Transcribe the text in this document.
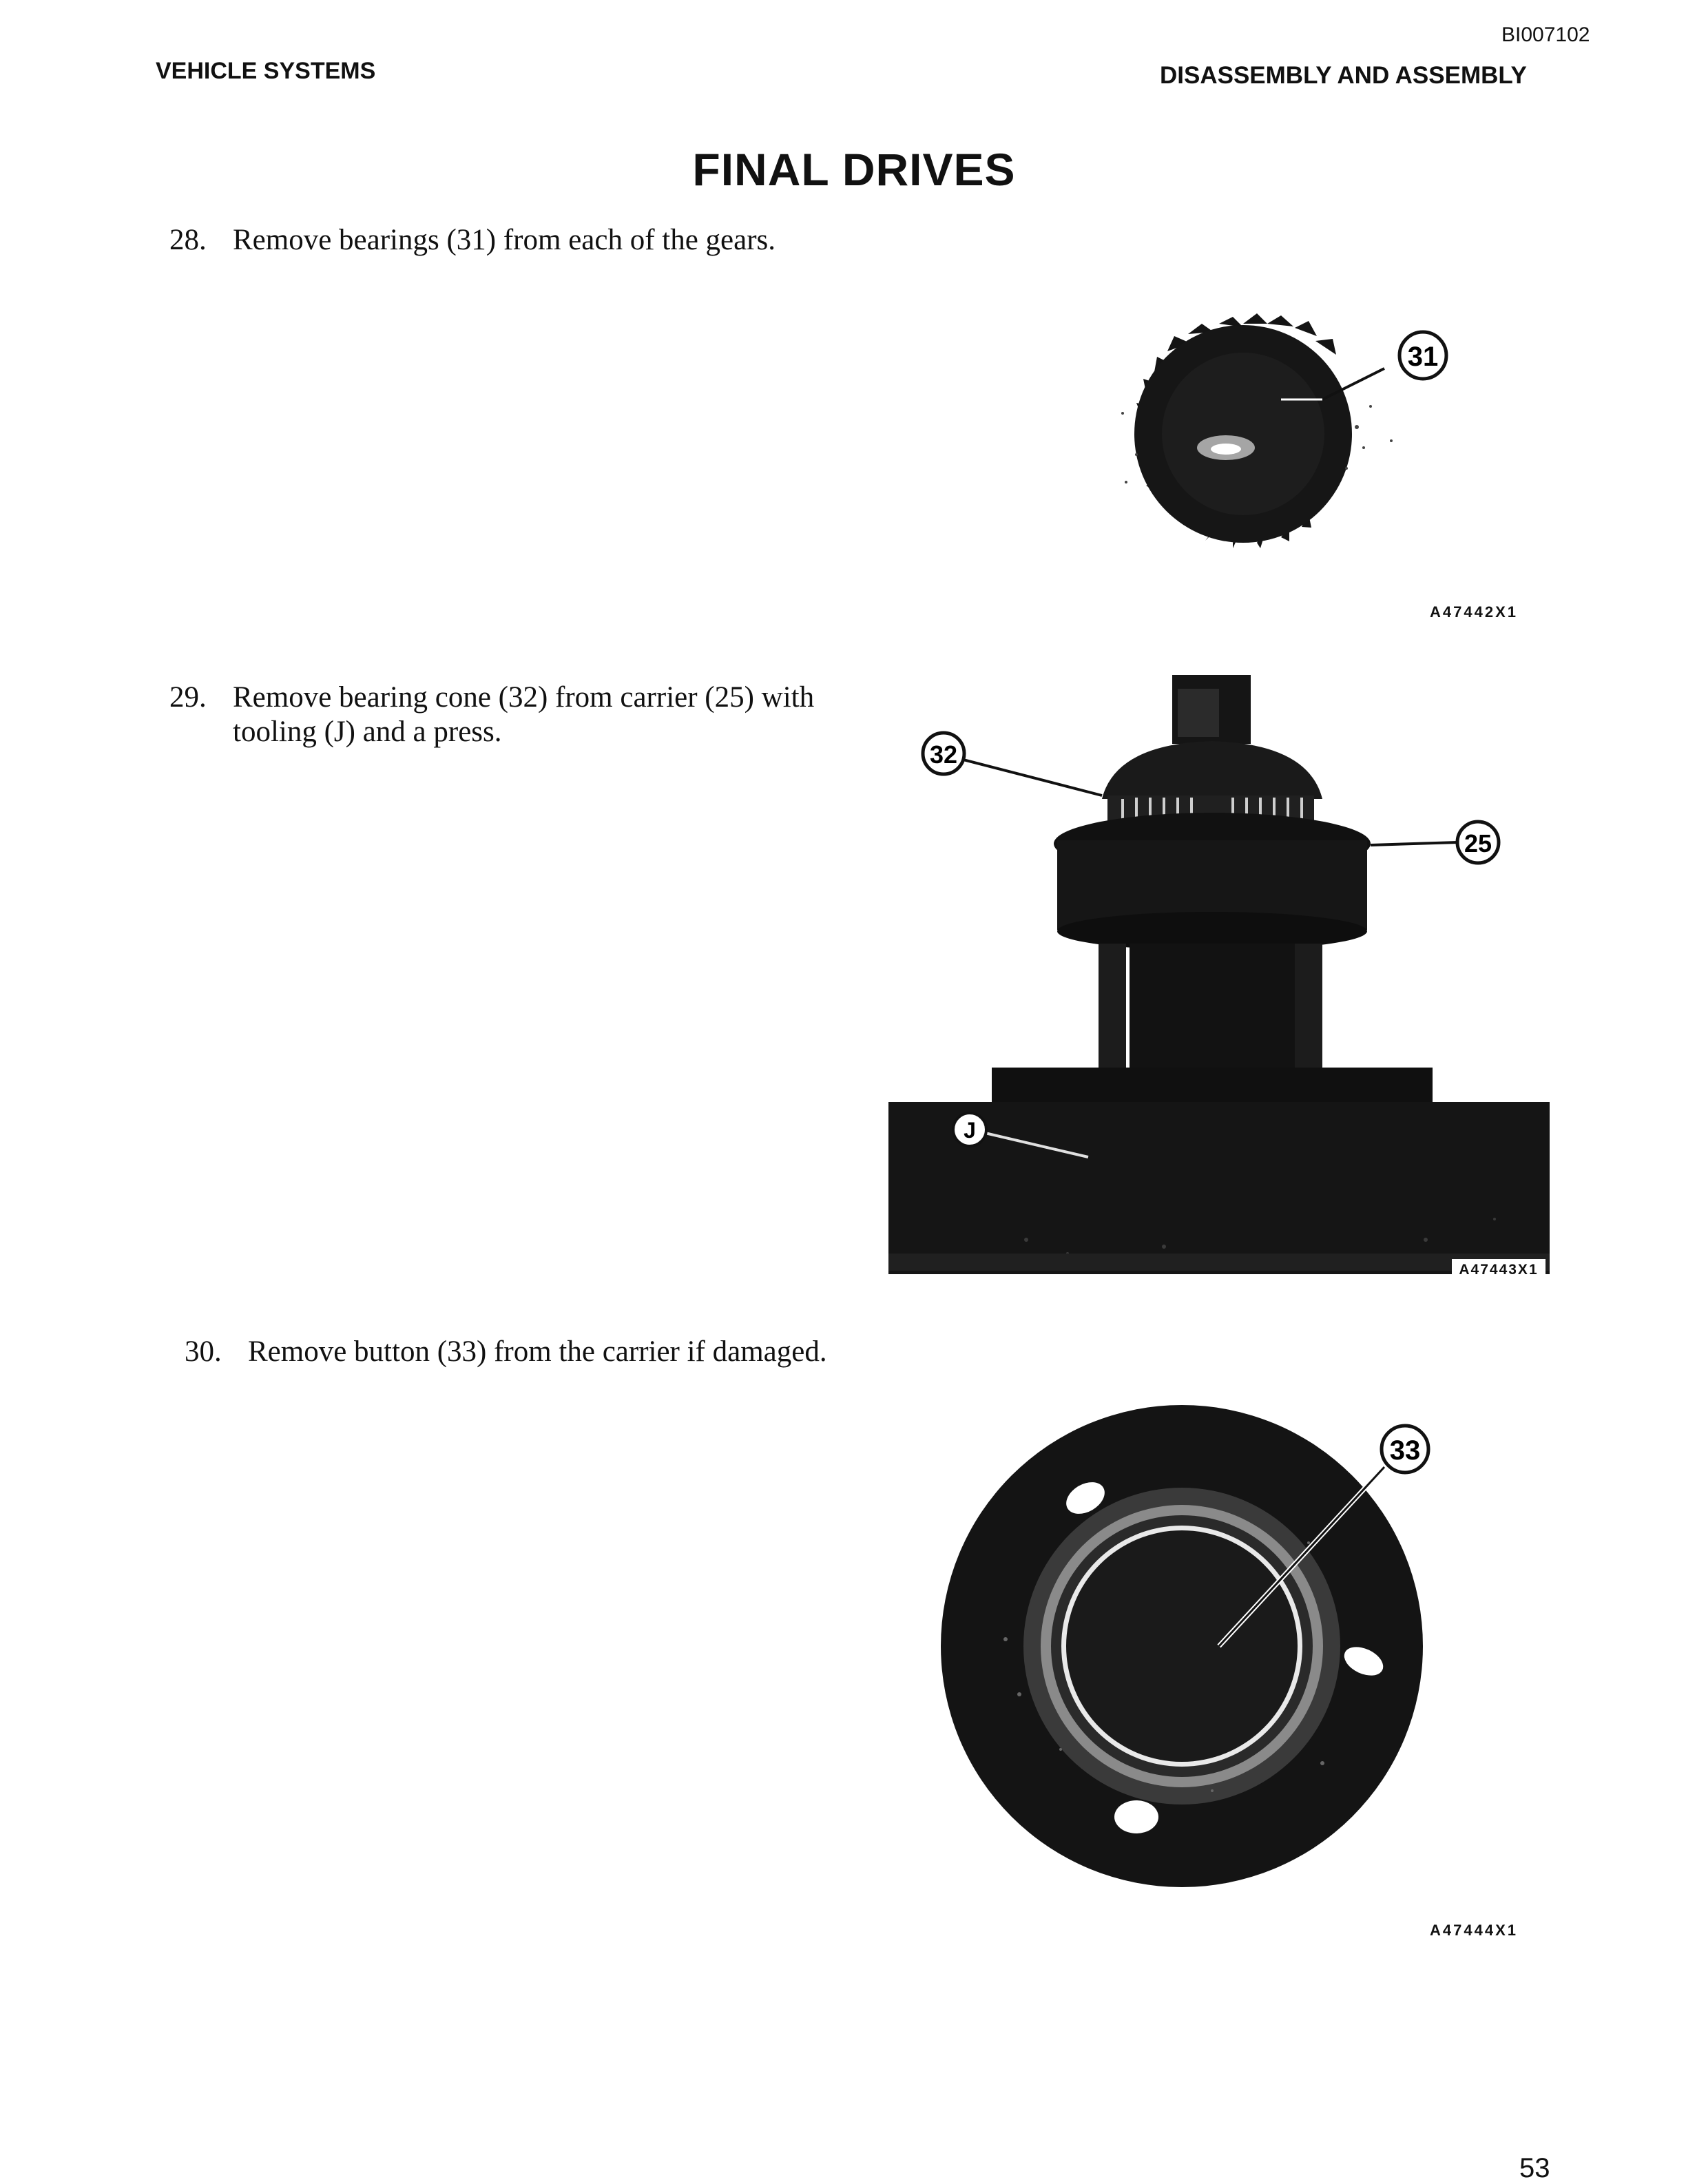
BI007102
VEHICLE SYSTEMS	DISASSEMBLY AND ASSEMBLY
FINAL DRIVES
28. Remove bearings (31) from each of the gears.
31
A47442X1
29. Remove bearing cone (32) from carrier (25) with
tooling (J) and a press.
32
25
J
A47443X1
30. Remove button (33) from the carrier if damaged.
33
A47444X1
53
